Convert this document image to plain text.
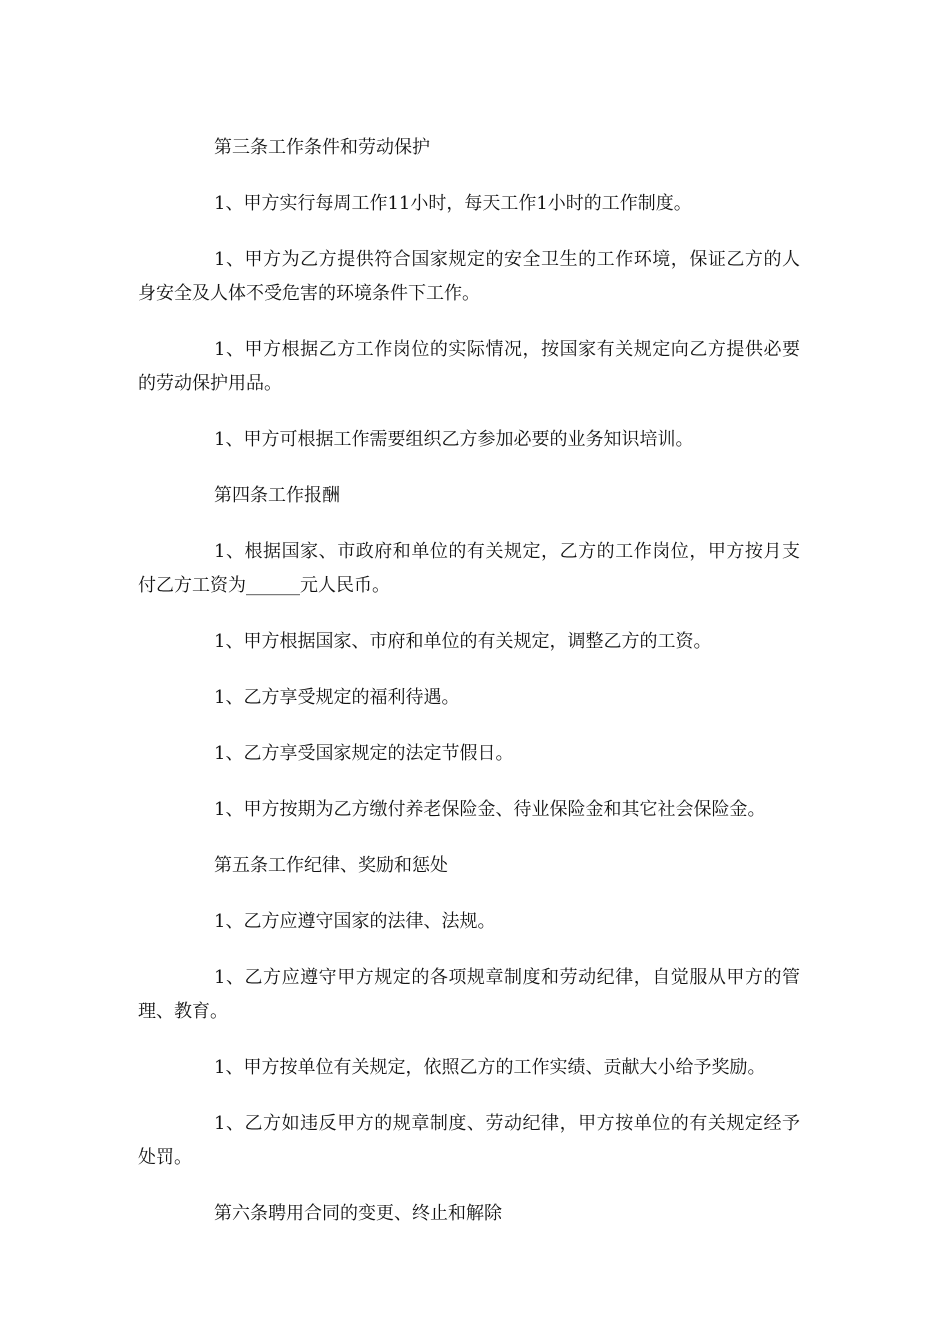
第三条工作条件和劳动保护

1、甲方实行每周工作11小时，每天工作1小时的工作制度。

1、甲方为乙方提供符合国家规定的安全卫生的工作环境，保证乙方的人身安全及人体不受危害的环境条件下工作。

1、甲方根据乙方工作岗位的实际情况，按国家有关规定向乙方提供必要的劳动保护用品。

1、甲方可根据工作需要组织乙方参加必要的业务知识培训。

第四条工作报酬

1、根据国家、市政府和单位的有关规定，乙方的工作岗位，甲方按月支付乙方工资为______元人民币。

1、甲方根据国家、市府和单位的有关规定，调整乙方的工资。

1、乙方享受规定的福利待遇。

1、乙方享受国家规定的法定节假日。

1、甲方按期为乙方缴付养老保险金、待业保险金和其它社会保险金。

第五条工作纪律、奖励和惩处

1、乙方应遵守国家的法律、法规。

1、乙方应遵守甲方规定的各项规章制度和劳动纪律，自觉服从甲方的管理、教育。

1、甲方按单位有关规定，依照乙方的工作实绩、贡献大小给予奖励。

1、乙方如违反甲方的规章制度、劳动纪律，甲方按单位的有关规定经予处罚。

第六条聘用合同的变更、终止和解除
